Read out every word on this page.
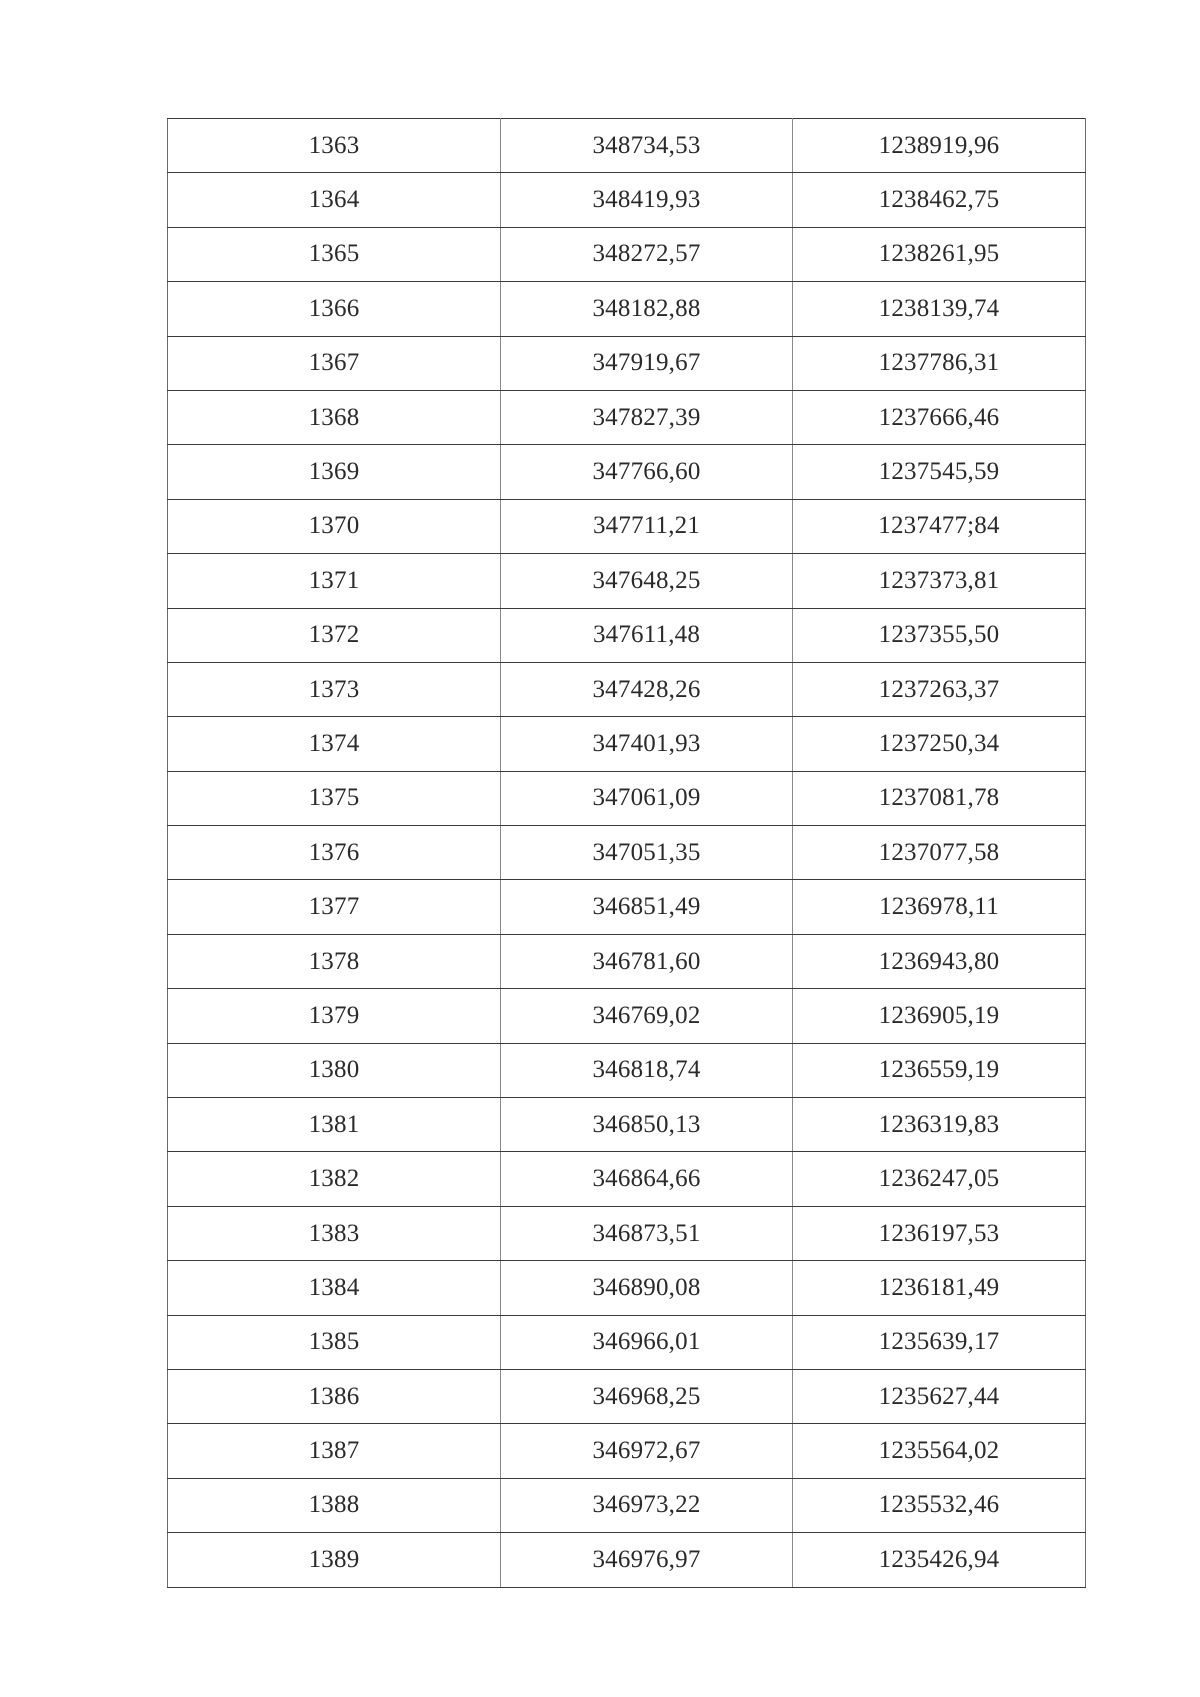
1363	348734,53	1238919,96
1364	348419,93	1238462,75
1365	348272,57	1238261,95
1366	348182,88	1238139,74
1367	347919,67	1237786,31
1368	347827,39	1237666,46
1369	347766,60	1237545,59
1370	347711,21	1237477;84
1371	347648,25	1237373,81
1372	347611,48	1237355,50
1373	347428,26	1237263,37
1374	347401,93	1237250,34
1375	347061,09	1237081,78
1376	347051,35	1237077,58
1377	346851,49	1236978,11
1378	346781,60	1236943,80
1379	346769,02	1236905,19
1380	346818,74	1236559,19
1381	346850,13	1236319,83
1382	346864,66	1236247,05
1383	346873,51	1236197,53
1384	346890,08	1236181,49
1385	346966,01	1235639,17
1386	346968,25	1235627,44
1387	346972,67	1235564,02
1388	346973,22	1235532,46
1389	346976,97	1235426,94
